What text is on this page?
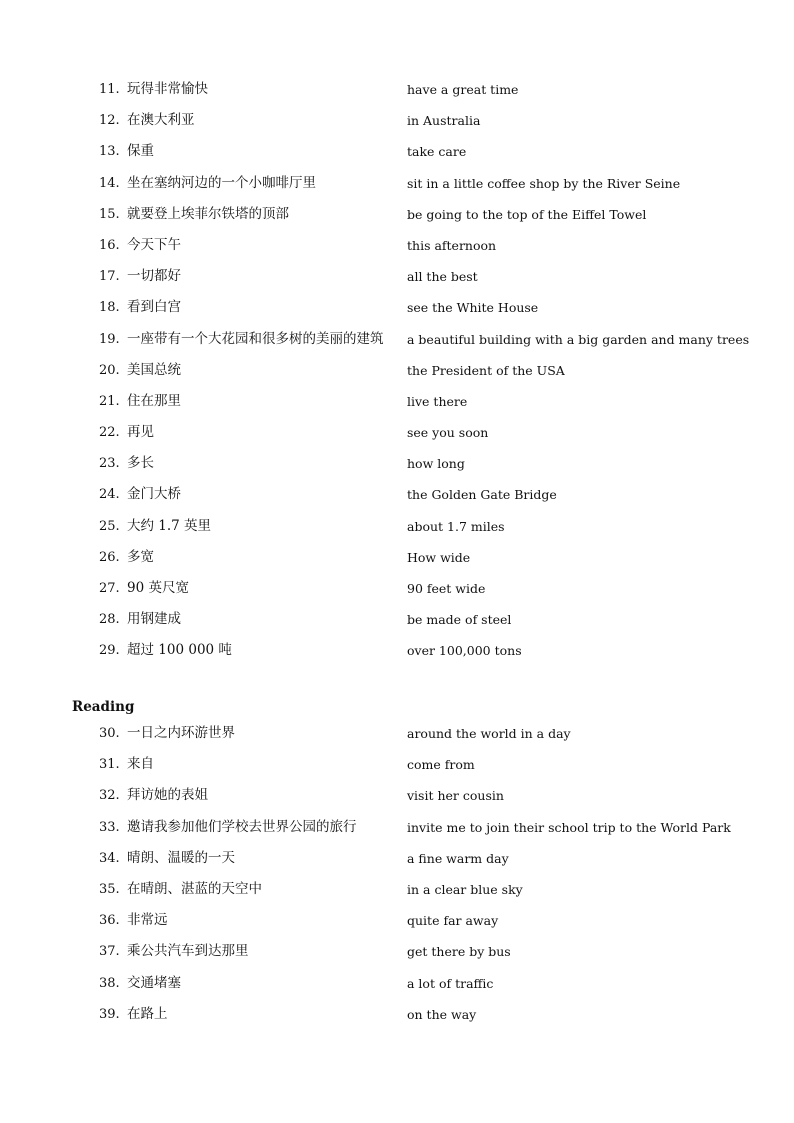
11. 玩得非常愉快	have a great time
12. 在澳大利亚	in Australia
13. 保重	take care
14. 坐在塞纳河边的一个小咖啡厅里	sit in a little coffee shop by the River Seine
15. 就要登上埃菲尔铁塔的顶部	be going to the top of the Eiffel Towel
16. 今天下午	this afternoon
17. 一切都好	all the best
18. 看到白宫	see the White House
19. 一座带有一个大花园和很多树的美丽的建筑 a beautiful building with a big garden and many trees
20. 美国总统	the President of the USA
21. 住在那里	live there
22. 再见	see you soon
23. 多长	how long
24. 金门大桥	the Golden Gate Bridge
25. 大约 1.7 英里	about 1.7 miles
26. 多宽	How wide
27. 90 英尺宽	90 feet wide
28. 用钢建成	be made of steel
29. 超过 100 000 吨	over 100,000 tons
Reading
30. 一日之内环游世界	around the world in a day
31. 来自	come from
32. 拜访她的表姐	visit her cousin
33. 邀请我参加他们学校去世界公园的旅行	invite me to join their school trip to the World Park
34. 晴朗、温暖的一天	a fine warm day
35. 在晴朗、湛蓝的天空中	in a clear blue sky
36. 非常远	quite far away
37. 乘公共汽车到达那里	get there by bus
38. 交通堵塞	a lot of traffic
39. 在路上	on the way
